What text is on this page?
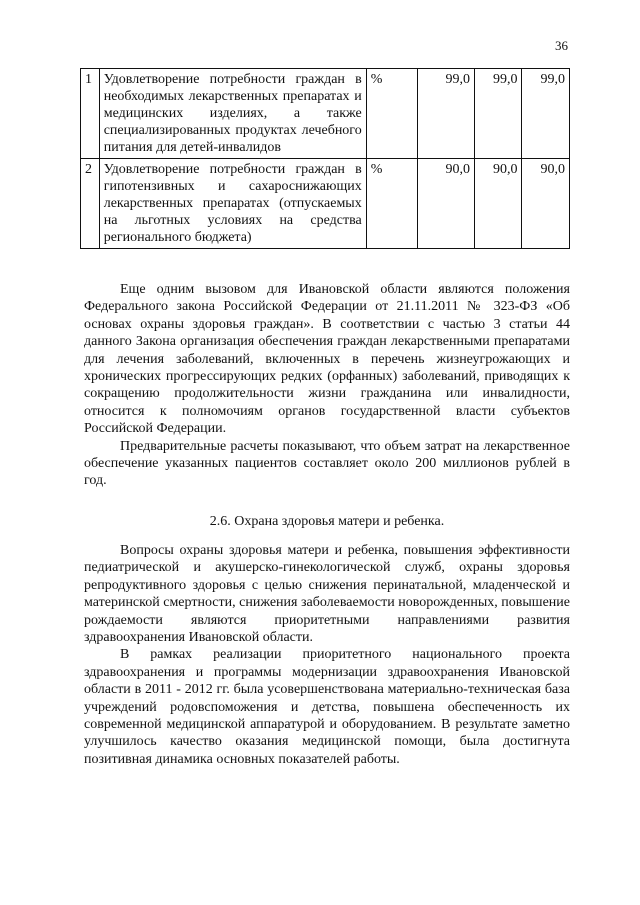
36
1	Удовлетворение потребности граждан в необходимых лекарственных препаратах и медицинских изделиях, а также специализированных продуктах лечебного питания для детей-инвалидов	%	99,0	99,0	99,0
2	Удовлетворение потребности граждан в гипотензивных и сахароснижающих лекарственных препаратах (отпускаемых на льготных условиях на средства регионального бюджета)	%	90,0	90,0	90,0

Еще одним вызовом для Ивановской области являются положения Федерального закона Российской Федерации от 21.11.2011 № 323-ФЗ «Об основах охраны здоровья граждан». В соответствии с частью 3 статьи 44 данного Закона организация обеспечения граждан лекарственными препаратами для лечения заболеваний, включенных в перечень жизнеугрожающих и хронических прогрессирующих редких (орфанных) заболеваний, приводящих к сокращению продолжительности жизни гражданина или инвалидности, относится к полномочиям органов государственной власти субъектов Российской Федерации.

Предварительные расчеты показывают, что объем затрат на лекарственное обеспечение указанных пациентов составляет около 200 миллионов рублей в год.

2.6. Охрана здоровья матери и ребенка.

Вопросы охраны здоровья матери и ребенка, повышения эффективности педиатрической и акушерско-гинекологической служб, охраны здоровья репродуктивного здоровья с целью снижения перинатальной, младенческой и материнской смертности, снижения заболеваемости новорожденных, повышение рождаемости являются приоритетными направлениями развития здравоохранения Ивановской области.

В рамках реализации приоритетного национального проекта здравоохранения и программы модернизации здравоохранения Ивановской области в 2011 - 2012 гг. была усовершенствована материально-техническая база учреждений родовспоможения и детства, повышена обеспеченность их современной медицинской аппаратурой и оборудованием. В результате заметно улучшилось качество оказания медицинской помощи, была достигнута позитивная динамика основных показателей работы.
